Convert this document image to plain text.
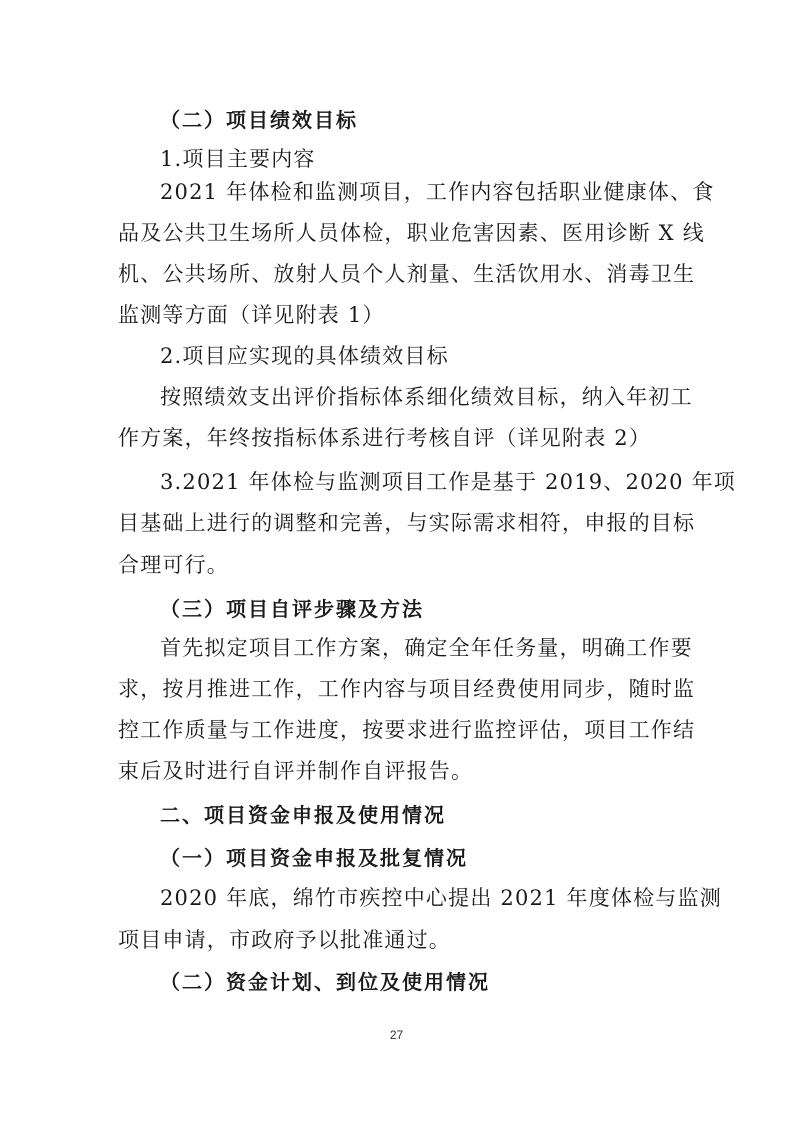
（二）项目绩效目标
1.项目主要内容
2021 年体检和监测项目，工作内容包括职业健康体、食
品及公共卫生场所人员体检，职业危害因素、医用诊断 X 线
机、公共场所、放射人员个人剂量、生活饮用水、消毒卫生
监测等方面（详见附表 1）
2.项目应实现的具体绩效目标
按照绩效支出评价指标体系细化绩效目标，纳入年初工
作方案，年终按指标体系进行考核自评（详见附表 2）
3.2021 年体检与监测项目工作是基于 2019、2020 年项
目基础上进行的调整和完善，与实际需求相符，申报的目标
合理可行。
（三）项目自评步骤及方法
首先拟定项目工作方案，确定全年任务量，明确工作要
求，按月推进工作，工作内容与项目经费使用同步，随时监
控工作质量与工作进度，按要求进行监控评估，项目工作结
束后及时进行自评并制作自评报告。
二、项目资金申报及使用情况
（一）项目资金申报及批复情况
2020 年底，绵竹市疾控中心提出 2021 年度体检与监测
项目申请，市政府予以批准通过。
（二）资金计划、到位及使用情况
27
